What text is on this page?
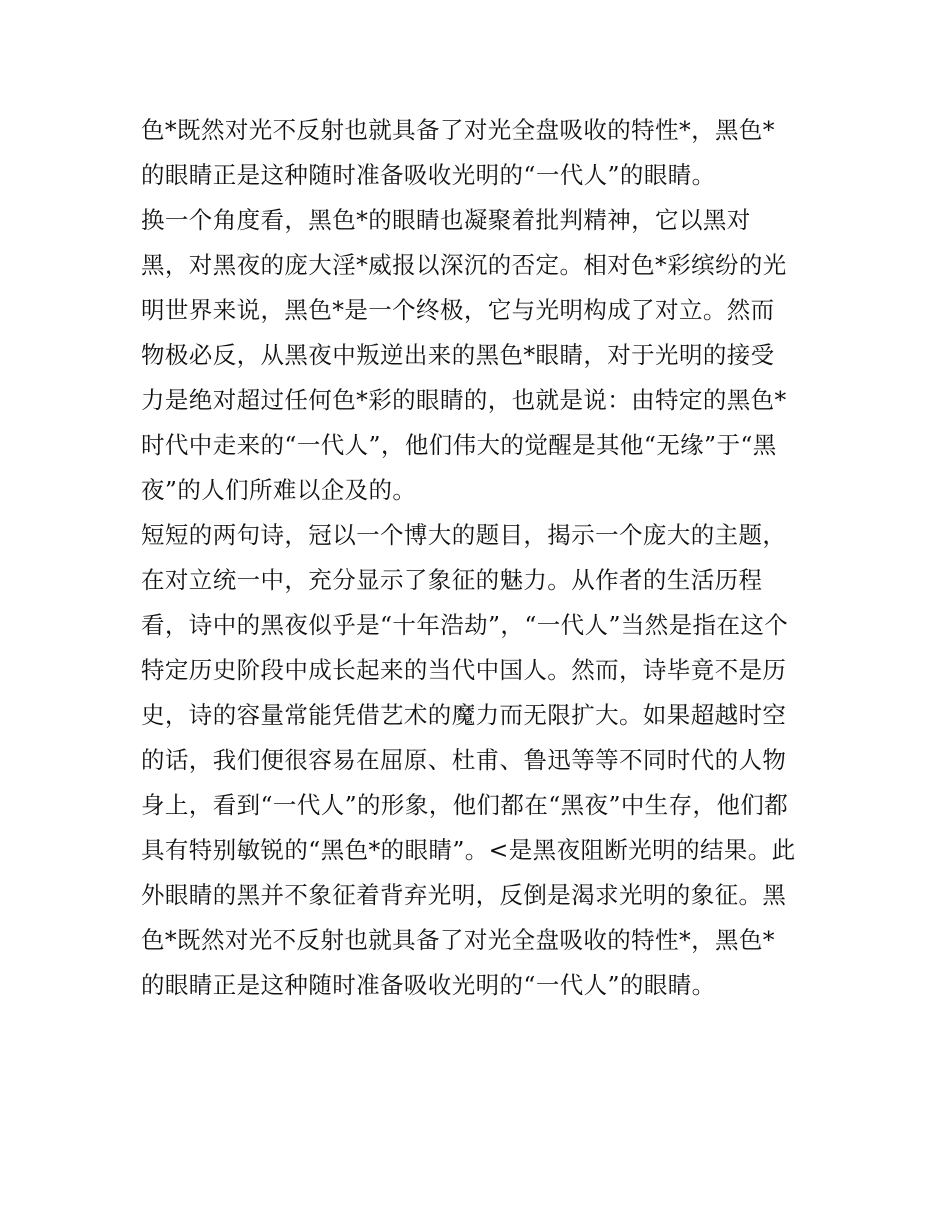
色*既然对光不反射也就具备了对光全盘吸收的特性*，黑色*
的眼睛正是这种随时准备吸收光明的“一代人”的眼睛。
换一个角度看，黑色*的眼睛也凝聚着批判精神，它以黑对
黑，对黑夜的庞大淫*威报以深沉的否定。相对色*彩缤纷的光
明世界来说，黑色*是一个终极，它与光明构成了对立。然而
物极必反，从黑夜中叛逆出来的黑色*眼睛，对于光明的接受
力是绝对超过任何色*彩的眼睛的，也就是说：由特定的黑色*
时代中走来的“一代人”，他们伟大的觉醒是其他“无缘”于“黑
夜”的人们所难以企及的。
短短的两句诗，冠以一个博大的题目，揭示一个庞大的主题，
在对立统一中，充分显示了象征的魅力。从作者的生活历程
看，诗中的黑夜似乎是“十年浩劫”，“一代人”当然是指在这个
特定历史阶段中成长起来的当代中国人。然而，诗毕竟不是历
史，诗的容量常能凭借艺术的魔力而无限扩大。如果超越时空
的话，我们便很容易在屈原、杜甫、鲁迅等等不同时代的人物
身上，看到“一代人”的形象，他们都在“黑夜”中生存，他们都
具有特别敏锐的“黑色*的眼睛”。<是黑夜阻断光明的结果。此
外眼睛的黑并不象征着背弃光明，反倒是渴求光明的象征。黑
色*既然对光不反射也就具备了对光全盘吸收的特性*，黑色*
的眼睛正是这种随时准备吸收光明的“一代人”的眼睛。
